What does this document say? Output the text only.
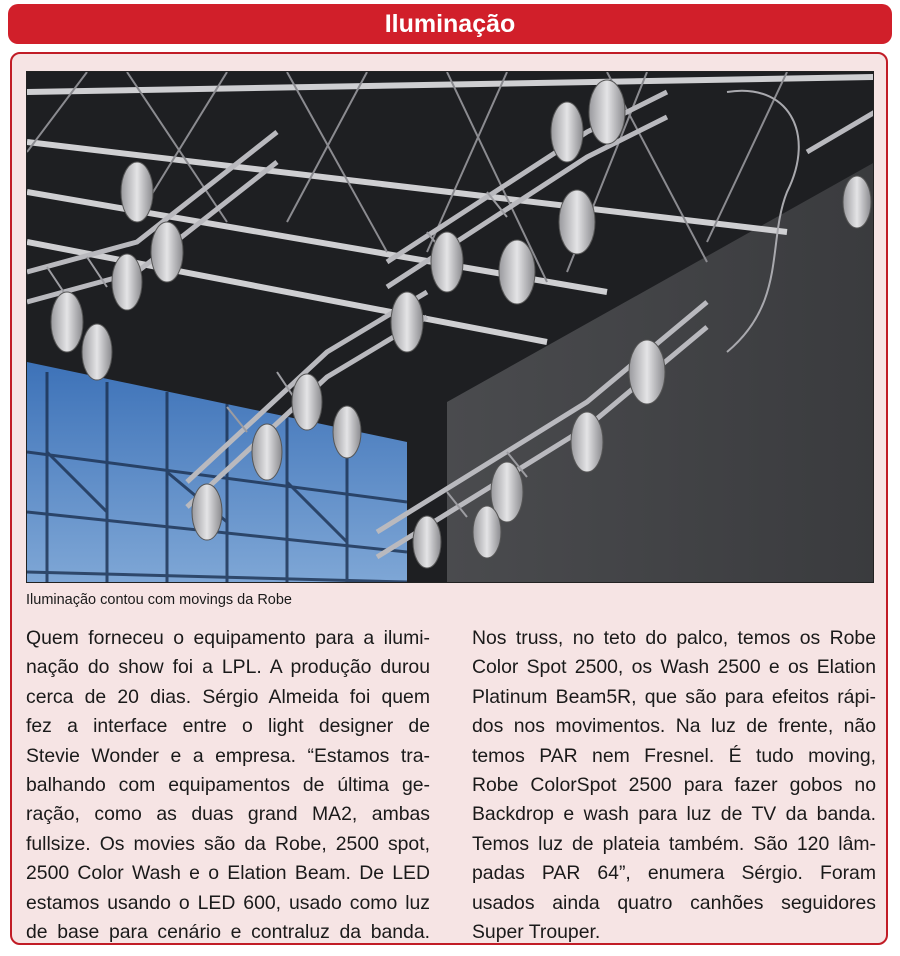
Iluminação
Iluminação contou com movings da Robe
Quem forneceu o equipamento para a ilumi-
nação do show foi a LPL. A produção durou
cerca de 20 dias. Sérgio Almeida foi quem
fez a interface entre o light designer de
Stevie Wonder e a empresa. “Estamos tra-
balhando com equipamentos de última ge-
ração, como as duas grand MA2, ambas
fullsize. Os movies são da Robe, 2500 spot,
2500 Color Wash e o Elation Beam. De LED
estamos usando o LED 600, usado como luz
de base para cenário e contraluz da banda.
Nos truss, no teto do palco, temos os Robe
Color Spot 2500, os Wash 2500 e os Elation
Platinum Beam5R, que são para efeitos rápi-
dos nos movimentos. Na luz de frente, não
temos PAR nem Fresnel. É tudo moving,
Robe ColorSpot 2500 para fazer gobos no
Backdrop e wash para luz de TV da banda.
Temos luz de plateia também. São 120 lâm-
padas PAR 64”, enumera Sérgio. Foram
usados ainda quatro canhões seguidores
Super Trouper.
